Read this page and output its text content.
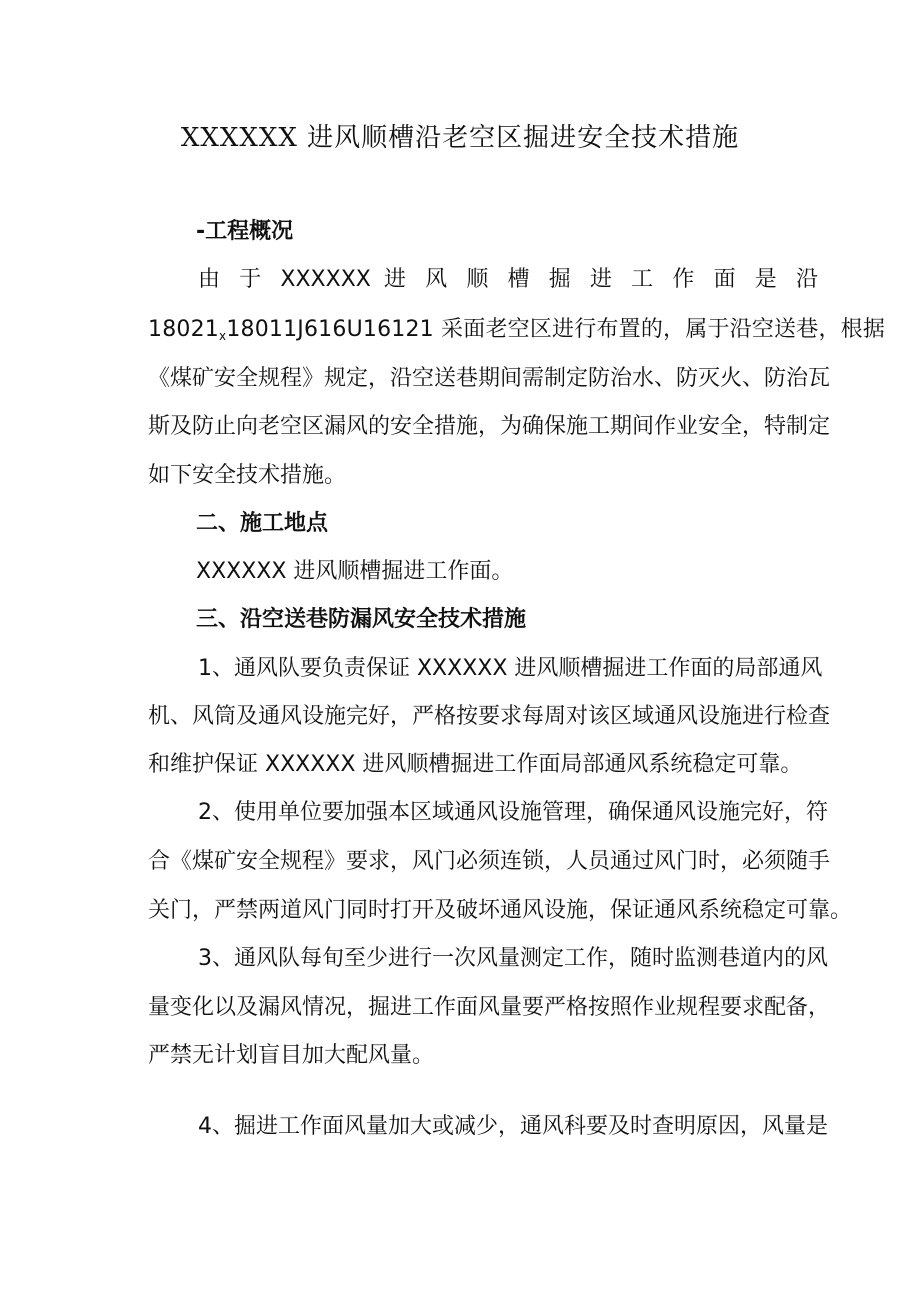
XXXXXX 进风顺槽沿老空区掘进安全技术措施
-工程概况
由 于 XXXXXX 进 风 顺 槽 掘 进 工 作 面 是 沿
$18021_x18011J616U16121$ 采面老空区进行布置的，属于沿空送巷，根据
《煤矿安全规程》规定，沿空送巷期间需制定防治水、防灭火、防治瓦
斯及防止向老空区漏风的安全措施，为确保施工期间作业安全，特制定
如下安全技术措施。
二、施工地点
XXXXXX 进风顺槽掘进工作面。
三、沿空送巷防漏风安全技术措施
1、通风队要负责保证 XXXXXX 进风顺槽掘进工作面的局部通风
机、风筒及通风设施完好，严格按要求每周对该区域通风设施进行检查
和维护保证 XXXXXX 进风顺槽掘进工作面局部通风系统稳定可靠。
2、使用单位要加强本区域通风设施管理，确保通风设施完好，符
合《煤矿安全规程》要求，风门必须连锁，人员通过风门时，必须随手
关门，严禁两道风门同时打开及破坏通风设施，保证通风系统稳定可靠。
3、通风队每旬至少进行一次风量测定工作，随时监测巷道内的风
量变化以及漏风情况，掘进工作面风量要严格按照作业规程要求配备，
严禁无计划盲目加大配风量。
4、掘进工作面风量加大或减少，通风科要及时查明原因，风量是
